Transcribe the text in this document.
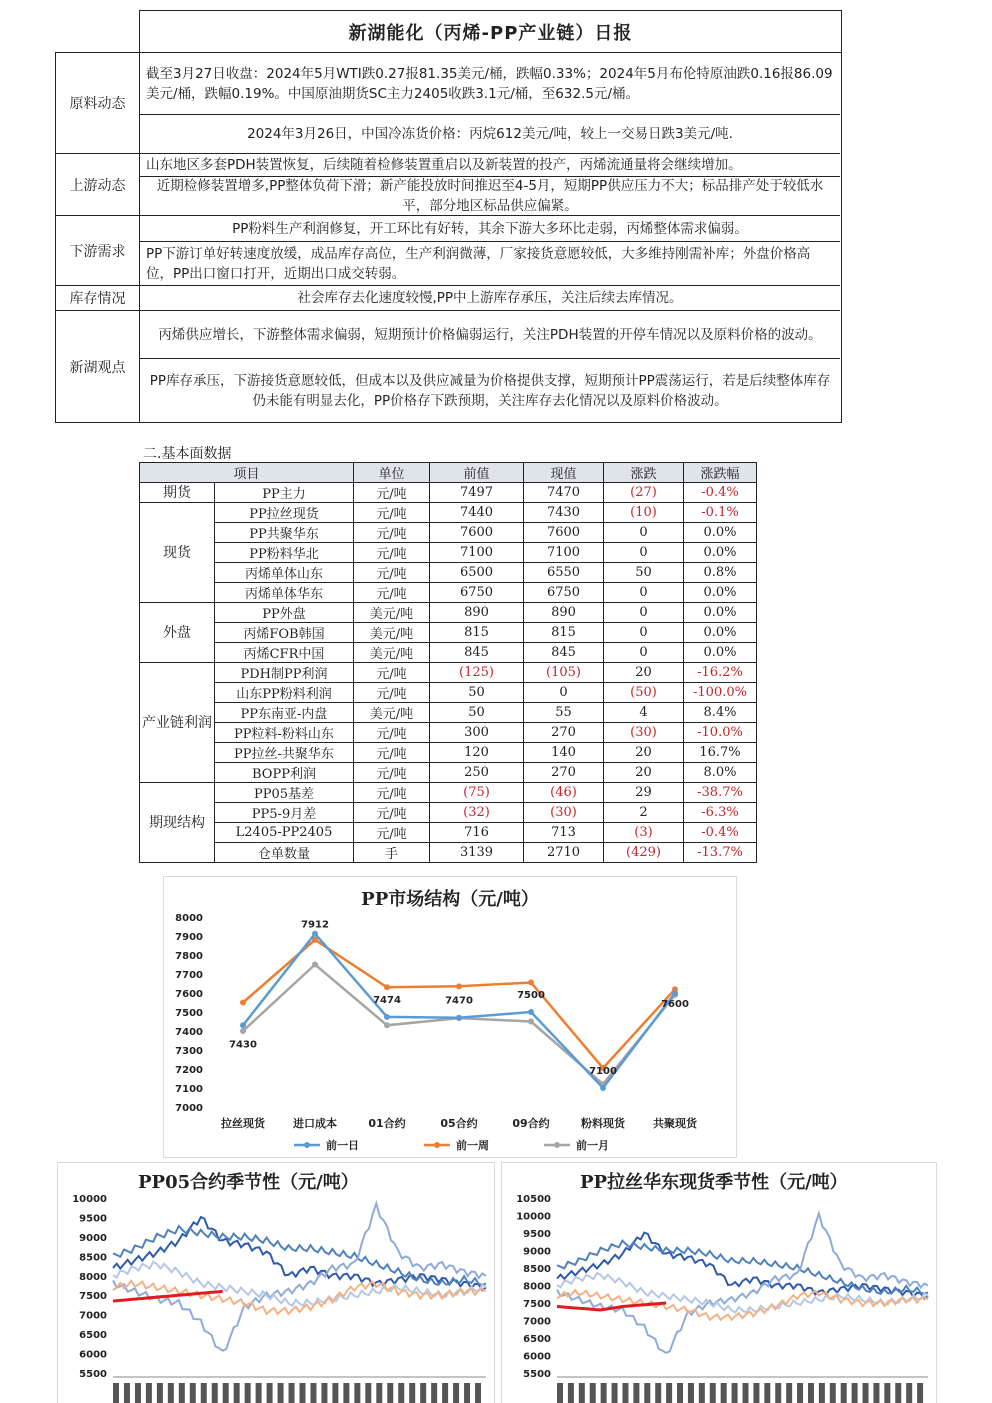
新湖能化（丙烯-PP产业链）日报
原料动态
截至3月27日收盘：2024年5月WTI跌0.27报81.35美元/桶，跌幅0.33%；2024年5月布伦特原油跌0.16报86.09美元/桶，跌幅0.19%。中国原油期货SC主力2405收跌3.1元/桶，至632.5元/桶。
2024年3月26日，中国冷冻货价格：丙烷612美元/吨，较上一交易日跌3美元/吨.
上游动态
山东地区多套PDH装置恢复，后续随着检修装置重启以及新装置的投产，丙烯流通量将会继续增加。
近期检修装置增多,PP整体负荷下滑；新产能投放时间推迟至4-5月，短期PP供应压力不大；标品排产处于较低水平，部分地区标品供应偏紧。
下游需求
PP粉料生产利润修复，开工环比有好转，其余下游大多环比走弱，丙烯整体需求偏弱。
PP下游订单好转速度放缓，成品库存高位，生产利润微薄，厂家接货意愿较低，大多维持刚需补库；外盘价格高位，PP出口窗口打开，近期出口成交转弱。
库存情况	社会库存去化速度较慢,PP中上游库存承压，关注后续去库情况。
新湖观点
丙烯供应增长，下游整体需求偏弱，短期预计价格偏弱运行，关注PDH装置的开停车情况以及原料价格的波动。
PP库存承压，下游接货意愿较低，但成本以及供应减量为价格提供支撑，短期预计PP震荡运行，若是后续整体库存仍未能有明显去化，PP价格存下跌预期，关注库存去化情况以及原料价格波动。
二.基本面数据
项目		单位	前值	现值	涨跌	涨跌幅
期货	PP主力	元/吨	7497	7470	(27)	-0.4%
现货	PP拉丝现货	元/吨	7440	7430	(10)	-0.1%
	PP共聚华东	元/吨	7600	7600	0	0.0%
	PP粉料华北	元/吨	7100	7100	0	0.0%
	丙烯单体山东	元/吨	6500	6550	50	0.8%
	丙烯单体华东	元/吨	6750	6750	0	0.0%
外盘	PP外盘	美元/吨	890	890	0	0.0%
	丙烯FOB韩国	美元/吨	815	815	0	0.0%
	丙烯CFR中国	美元/吨	845	845	0	0.0%
产业链利润	PDH制PP利润	元/吨	(125)	(105)	20	-16.2%
	山东PP粉料利润	元/吨	50	0	(50)	-100.0%
	PP东南亚-内盘	美元/吨	50	55	4	8.4%
	PP粒料-粉料山东	元/吨	300	270	(30)	-10.0%
	PP拉丝-共聚华东	元/吨	120	140	20	16.7%
	BOPP利润	元/吨	250	270	20	8.0%
期现结构	PP05基差	元/吨	(75)	(46)	29	-38.7%
	PP5-9月差	元/吨	(32)	(30)	2	-6.3%
	L2405-PP2405	元/吨	716	713	(3)	-0.4%
	仓单数量	手	3139	2710	(429)	-13.7%
PP市场结构（元/吨）
7000
7100
7200
7300
7400
7500
7600
7700
7800
7900
8000
拉丝现货	进口成本	01合约	05合约	09合约	粉料现货	共聚现货
7430
7912
7474	7470
7500
7100
7600
前一日	前一周	前一月
PP05合约季节性（元/吨）
5500
6000
6500
7000
7500
8000
8500
9000
9500
10000
PP拉丝华东现货季节性（元/吨）
5500
6000
6500
7000
7500
8000
8500
9000
9500
10000
10500
